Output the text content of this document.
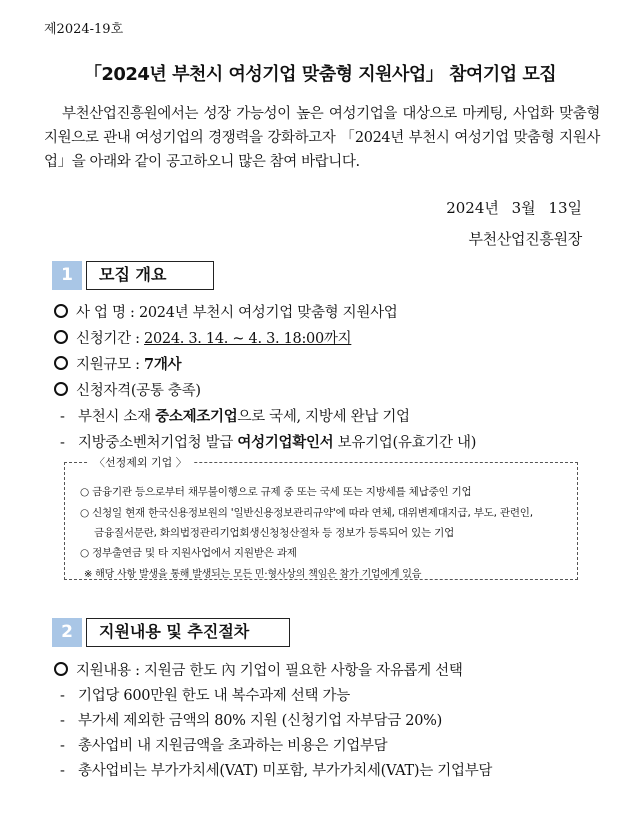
제2024-19호
「2024년 부천시 여성기업 맞춤형 지원사업」 참여기업 모집
부천산업진흥원에서는 성장 가능성이 높은 여성기업을 대상으로 마케팅, 사업화 맞춤형 지원으로 관내 여성기업의 경쟁력을 강화하고자 「2024년 부천시 여성기업 맞춤형 지원사업」을 아래와 같이 공고하오니 많은 참여 바랍니다.
2024년 3월 13일
부천산업진흥원장
1	모집 개요
사 업 명 : 2024년 부천시 여성기업 맞춤형 지원사업
신청기간 : 2024. 3. 14. ~ 4. 3. 18:00까지
지원규모 : 7개사
신청자격(공통 충족)
- 부천시 소재 중소제조기업으로 국세, 지방세 완납 기업
- 지방중소벤처기업청 발급 여성기업확인서 보유기업(유효기간 내)
〈선정제외 기업 〉
○ 금융기관 등으로부터 채무불이행으로 규제 중 또는 국세 또는 지방세를 체납중인 기업
○ 신청일 현재 한국신용정보원의 '일반신용정보관리규약'에 따라 연체, 대위변제대지급, 부도, 관련인,
금융질서문란, 화의법정관리기업회생신청청산절차 등 정보가 등록되어 있는 기업
○ 정부출연금 및 타 지원사업에서 지원받은 과제
※ 해당 사항 발생을 통해 발생되는 모든 민·형사상의 책임은 참가 기업에게 있음
2	지원내용 및 추진절차
지원내용 : 지원금 한도 內 기업이 필요한 사항을 자유롭게 선택
- 기업당 600만원 한도 내 복수과제 선택 가능
- 부가세 제외한 금액의 80% 지원 (신청기업 자부담금 20%)
- 총사업비 내 지원금액을 초과하는 비용은 기업부담
- 총사업비는 부가가치세(VAT) 미포함, 부가가치세(VAT)는 기업부담
